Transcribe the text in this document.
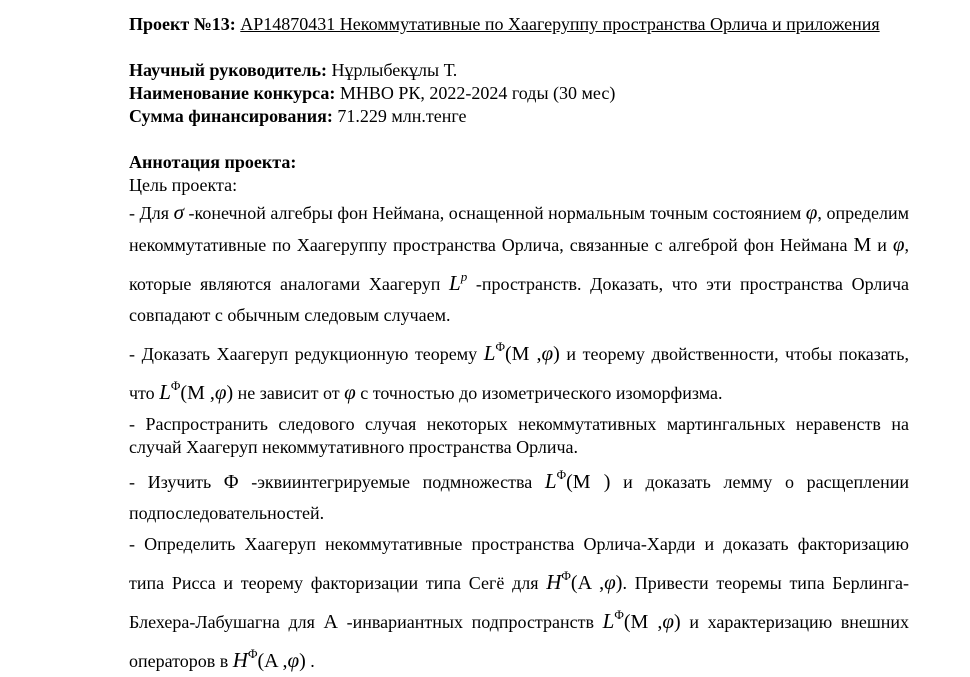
Проект №13: AP14870431 Некоммутативные по Хаагеруппу пространства Орлича и приложения

Научный руководитель: Нұрлыбекұлы Т.

Наименование конкурса: МНВО РК, 2022-2024 годы (30 мес)

Сумма финансирования: 71.229 млн.тенге

Аннотация проекта:

Цель проекта:

- Для σ -конечной алгебры фон Неймана, оснащенной нормальным точным состоянием φ, определим некоммутативные по Хаагеруппу пространства Орлича, связанные с алгеброй фон Неймана M и φ, которые являются аналогами Хаагеруп $L^p$ -пространств. Доказать, что эти пространства Орлича совпадают с обычным следовым случаем.

- Доказать Хаагеруп редукционную теорему $L^\Phi(M$ ,φ) и теорему двойственности, чтобы показать, что $L^\Phi(M$ ,φ) не зависит от φ с точностью до изометрического изоморфизма.

- Распространить следового случая некоторых некоммутативных мартингальных неравенств на случай Хаагеруп некоммутативного пространства Орлича.

- Изучить Φ -эквиинтегрируемые подмножества $L^\Phi(M$ ) и доказать лемму о расщеплении подпоследовательностей.

- Определить Хаагеруп некоммутативные пространства Орлича-Харди и доказать факторизацию типа Рисса и теорему факторизации типа Сегё для $H^\Phi(A$ ,φ). Привести теоремы типа Берлинга-Блехера-Лабушагна для A -инвариантных подпространств $L^\Phi(M$ ,φ) и характеризацию внешних операторов в $H^\Phi(A$ ,φ) .
